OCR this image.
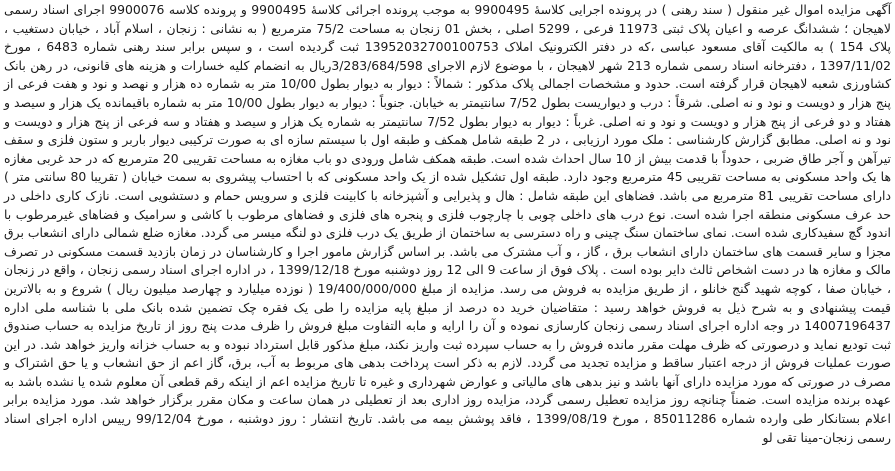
آگهی مزایده اموال غیر منقول ( سند رهنی ) در پرونده اجرایی کلاسهٔ 9900495 به موجب پرونده اجرائی کلاسهٔ 9900495 و پرونده کلاسه 9900076 اجرای اسناد رسمی لاهیجان ؛ ششدانگ عرصه و اعیان پلاک ثبتی 11973 فرعی ، 5299 اصلی ، بخش 01 زنجان به مساحت 75/2 مترمربع ( به نشانی : زنجان ، اسلام آباد ، خیابان دستغیب ، پلاک 154 ) به مالکیت آقای مسعود عباسی ،که در دفتر الکترونیک املاک 13952032700100753 ثبت گردیده است ، و سپس برابر سند رهنی شماره 6483 ، مورخ 1397/11/02 ، دفترخانه اسناد رسمی شماره 213 شهر لاهیجان ، با موضوع لازم الاجرای 3/283/684/598ریال به انضمام کلیه خسارات و هزینه های قانونی، در رهن بانک کشاورزی شعبه لاهیجان قرار گرفته است. حدود و مشخصات اجمالی پلاک مذکور : شمالاً : دیوار به دیوار بطول 10/00 متر به شماره ده هزار و نهصد و نود و هفت فرعی از پنج هزار و دویست و نود و نه اصلی. شرقاً : درب و دیواریست بطول 7/52 سانتیمتر به خیابان. جنوباً : دیوار به دیوار بطول 10/00 متر به شماره باقیمانده یک هزار و سیصد و هفتاد و دو فرعی از پنج هزار و دویست و نود و نه اصلی. غرباً : دیوار به دیوار بطول 7/52 سانتیمتر به شماره یک هزار و سیصد و هفتاد و سه فرعی از پنج هزار و دویست و نود و نه اصلی. مطابق گزارش کارشناسی : ملک مورد ارزیابی ، در 2 طبقه شامل همکف و طبقه اول با سیستم سازه ای به صورت ترکیبی دیوار باربر و ستون فلزی و سقف تیرآهن و آجر طاق ضربی ، حدوداً با قدمت بیش از 10 سال احداث شده است. طبقه همکف شامل ورودی دو باب مغازه به مساحت تقریبی 20 مترمربع که در حد غربی مغازه ها یک واحد مسکونی به مساحت تقریبی 45 مترمربع وجود دارد. طبقه اول تشکیل شده از یک واحد مسکونی که با احتساب پیشروی به سمت خیابان ( تقریبا 80 سانتی متر ) دارای مساحت تقریبی 81 مترمربع می باشد. فضاهای این طبقه شامل : هال و پذیرایی و آشپزخانه با کابینت فلزی و سرویس حمام و دستشویی است. نازک کاری داخلی در حد عرف مسکونی منطقه اجرا شده است. نوع درب های داخلی چوبی با چارچوب فلزی و پنجره های فلزی و فضاهای مرطوب با کاشی و سرامیک و فضاهای غیرمرطوب با اندود گچ سفیدکاری شده است. نمای ساختمان سنگ چینی و راه دسترسی به ساختمان از طریق یک درب فلزی دو لنگه میسر می گردد. مغازه ضلع شمالی دارای انشعاب برق مجزا و سایر قسمت های ساختمان دارای انشعاب برق ، گاز ، و آب مشترک می باشد. بر اساس گزارش مامور اجرا و کارشناسان در زمان بازدید قسمت مسکونی در تصرف مالک و مغازه ها در دست اشخاص ثالث دایر بوده است . پلاک فوق از ساعت 9 الی 12 روز دوشنبه مورخ 1399/12/18 ، در اداره اجرای اسناد رسمی زنجان ، واقع در زنجان ، خیابان صفا ، کوچه شهید گنج خانلو ، از طریق مزایده به فروش می رسد. مزایده از مبلغ 19/400/000/000 ( نوزده میلیارد و چهارصد میلیون ریال ) شروع و به بالاترین قیمت پیشنهادی و به شرح ذیل به فروش خواهد رسید : متقاضیان خرید ده درصد از مبلغ پایه مزایده را طی یک فقره چک تضمین شده بانک ملی با شناسه ملی اداره 14007196437 در وجه اداره اجرای اسناد رسمی زنجان کارسازی نموده و آن را ارایه و مابه التفاوت مبلغ فروش را ظرف مدت پنج روز از تاریخ مزایده به حساب صندوق ثبت تودیع نماید و درصورتی که ظرف مهلت مقرر مانده فروش را به حساب سپرده ثبت واریز نکند، مبلغ مذکور قابل استرداد نبوده و به حساب خزانه واریز خواهد شد. در این صورت عملیات فروش از درجه اعتبار ساقط و مزایده تجدید می گردد. لازم به ذکر است پرداخت بدهی های مربوط به آب، برق، گاز اعم از حق انشعاب و یا حق اشتراک و مصرف در صورتی که مورد مزایده دارای آنها باشد و نیز بدهی های مالیاتی و عوارض شهرداری و غیره تا تاریخ مزایده اعم از اینکه رقم قطعی آن معلوم شده یا نشده باشد به عهده برنده مزایده است. ضمناً چنانچه روز مزایده تعطیل رسمی گردد، مزایده روز اداری بعد از تعطیلی در همان ساعت و مکان مقرر برگزار خواهد شد. مورد مزایده برابر اعلام بستانکار طی وارده شماره 85011286 ، مورخ 1399/08/19 ، فاقد پوشش بیمه می باشد. تاریخ انتشار : روز دوشنبه ، مورخ 99/12/04 رییس اداره اجرای اسناد رسمی زنجان-مینا تقی لو
